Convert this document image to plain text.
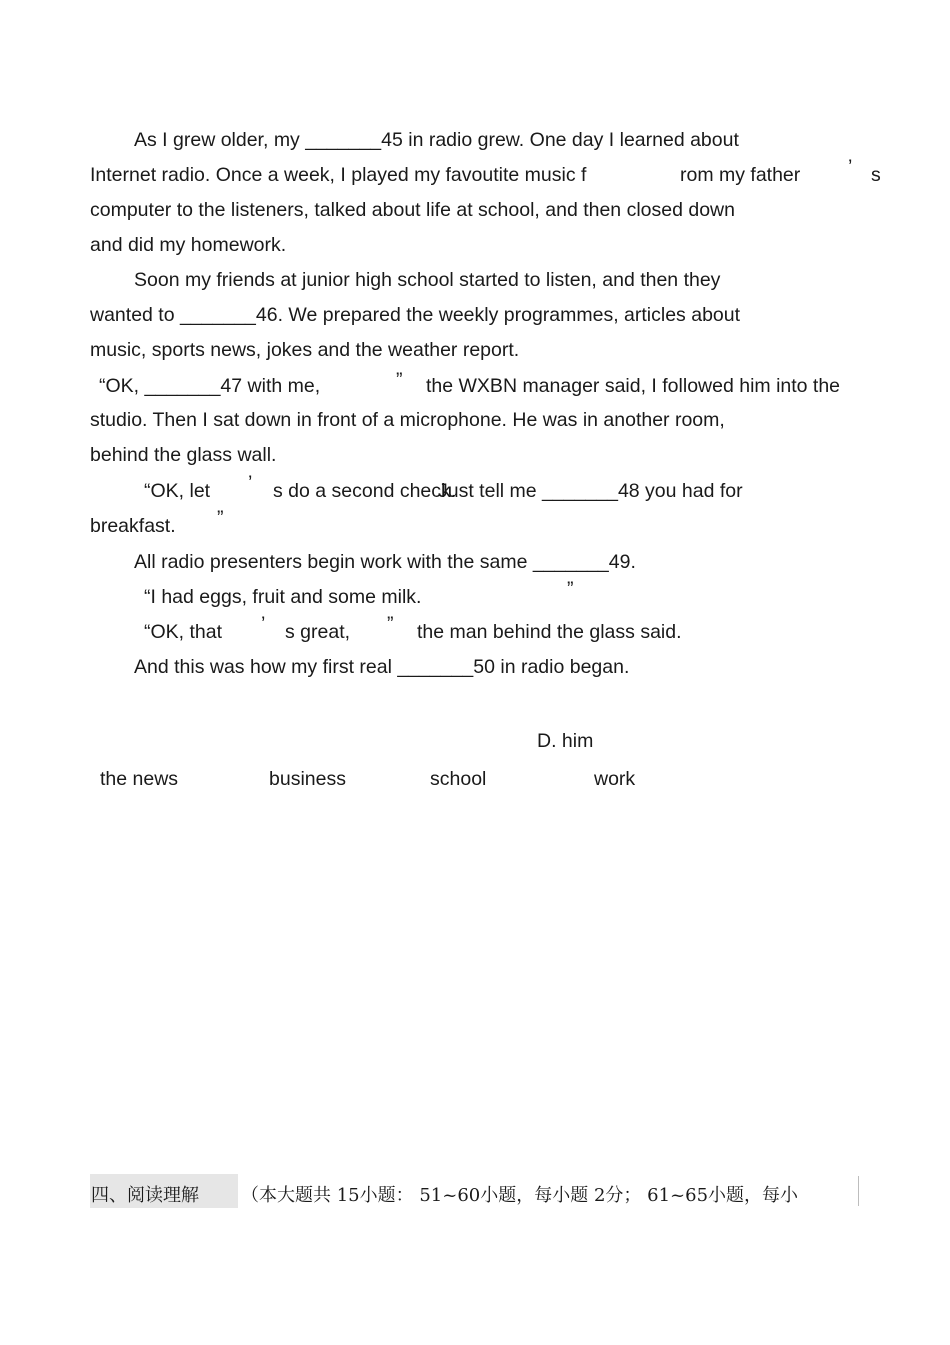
As I grew older, my _______45 in radio grew. One day I learned about
Internet radio. Once a week, I played my favoutite music f	rom my father ’ s
computer to the listeners, talked about life at school, and then closed down
and did my homework.
Soon my friends at junior high school started to listen, and then they
wanted to _______46. We prepared the weekly programmes, articles about
music, sports news, jokes and the weather report.
“OK, _______47 with me,	” the WXBN manager said, I followed him into the
studio. Then I sat down in front of a microphone. He was in another room,
behind the glass wall.
“OK, let ’ s do a second check.
Just tell me _______48 you had for
breakfast. ”
All radio presenters begin work with the same _______49.
“I had eggs, fruit and some milk.	”
“OK, that ’ s great, ” the man behind the glass said.
And this was how my first real _______50 in radio began.
D. him
the news	business	school	work
四、阅读理解 （本大题共 15小题： 51~60小题，每小题 2分； 61~65小题，每小
